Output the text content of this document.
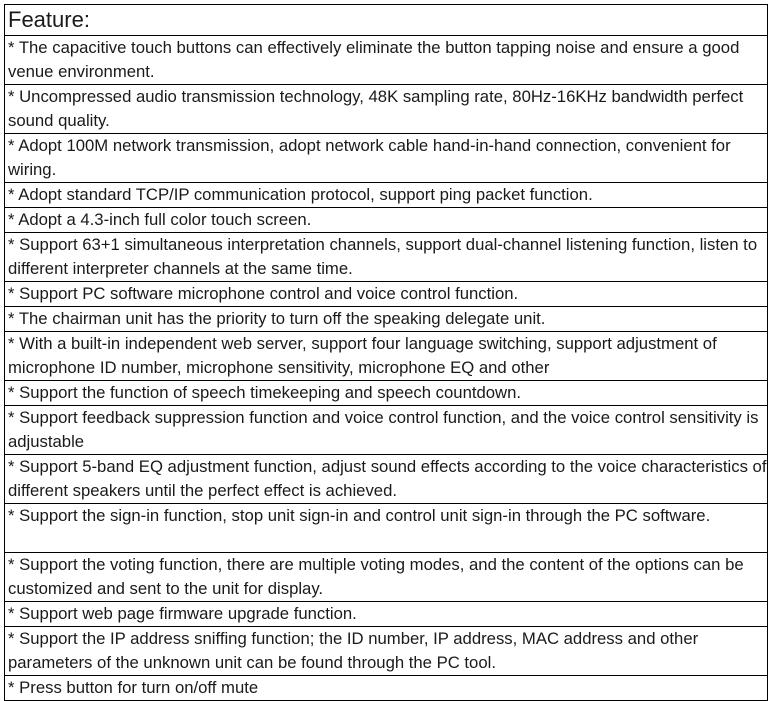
Feature:
* The capacitive touch buttons can effectively eliminate the button tapping noise and ensure a good venue environment.
* Uncompressed audio transmission technology, 48K sampling rate, 80Hz-16KHz bandwidth perfect sound quality.
* Adopt 100M network transmission, adopt network cable hand-in-hand connection, convenient for wiring.
* Adopt standard TCP/IP communication protocol, support ping packet function.
* Adopt a 4.3-inch full color touch screen.
* Support 63+1 simultaneous interpretation channels, support dual-channel listening function, listen to different interpreter channels at the same time.
* Support PC software microphone control and voice control function.
* The chairman unit has the priority to turn off the speaking delegate unit.
* With a built-in independent web server, support four language switching, support adjustment of microphone ID number, microphone sensitivity, microphone EQ and other
* Support the function of speech timekeeping and speech countdown.
* Support feedback suppression function and voice control function, and the voice control sensitivity is adjustable
* Support 5-band EQ adjustment function, adjust sound effects according to the voice characteristics of different speakers until the perfect effect is achieved.
* Support the sign-in function, stop unit sign-in and control unit sign-in through the PC software.
* Support the voting function, there are multiple voting modes, and the content of the options can be customized and sent to the unit for display.
* Support web page firmware upgrade function.
* Support the IP address sniffing function; the ID number, IP address, MAC address and other parameters of the unknown unit can be found through the PC tool.
* Press button for turn on/off mute
